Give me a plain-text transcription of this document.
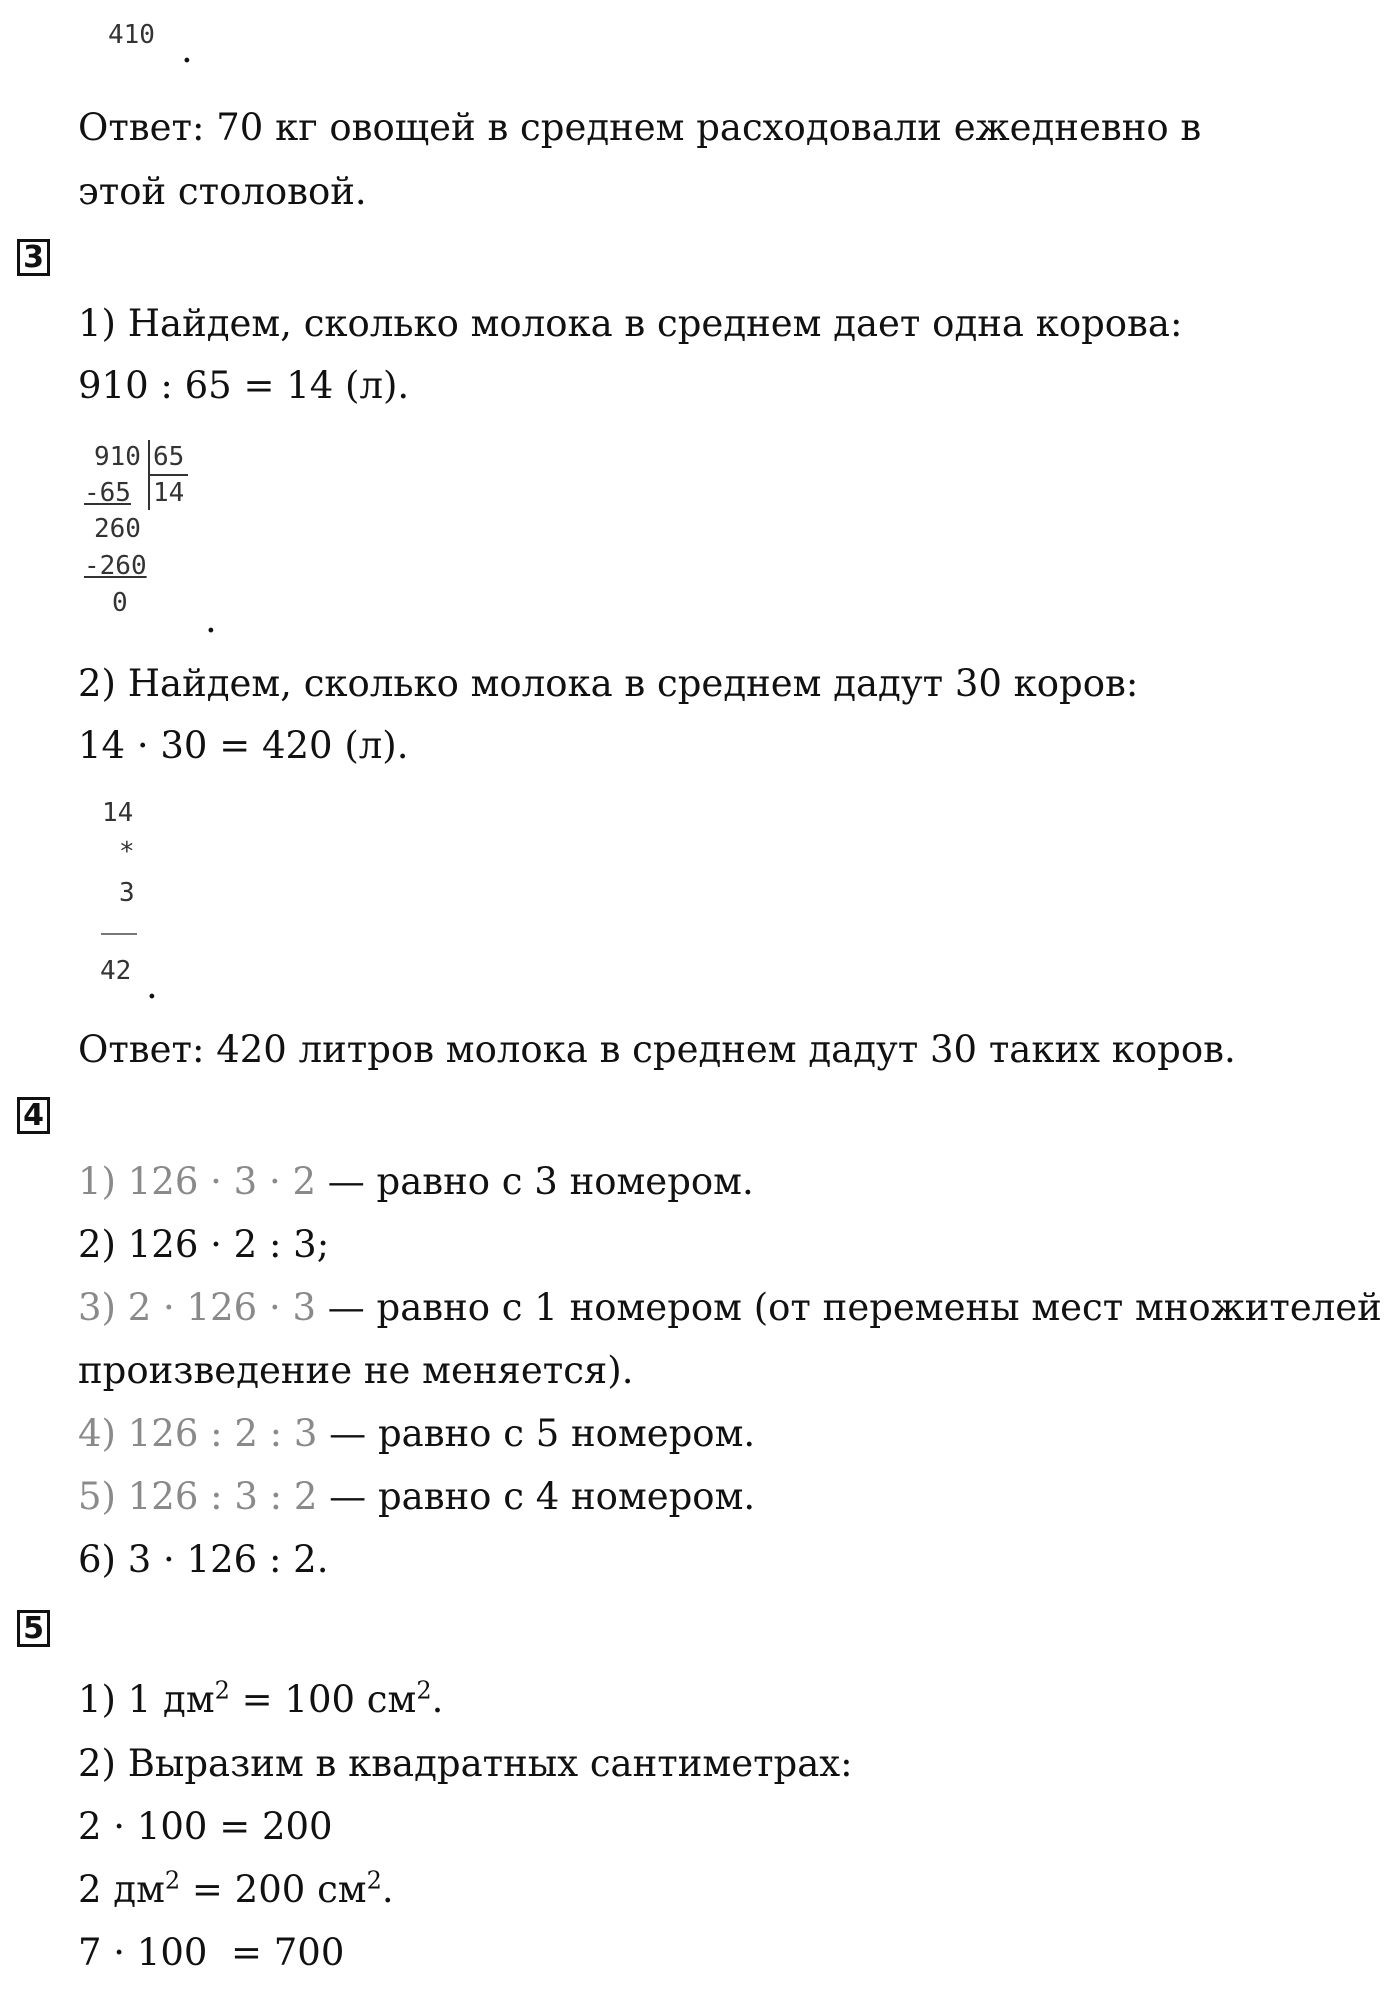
410 .
Ответ: 70 кг овощей в среднем расходовали ежедневно в
этой столовой.
3
1) Найдем, сколько молока в среднем дает одна корова:
910 : 65 = 14 (л).
910 65
-65 14
260
-260
0 .
2) Найдем, сколько молока в среднем дадут 30 коров:
14 · 30 = 420 (л).
14
*
3
42 .
Ответ: 420 литров молока в среднем дадут 30 таких коров.
4
1) 126 · 3 · 2 — равно с 3 номером.
2) 126 · 2 : 3;
3) 2 · 126 · 3 — равно с 1 номером (от перемены мест множителей
произведение не меняется).
4) 126 : 2 : 3 — равно с 5 номером.
5) 126 : 3 : 2 — равно с 4 номером.
6) 3 · 126 : 2.
5
1) 1 $дм^2 = 100$ $см^2$.
2) Выразим в квадратных сантиметрах:
2 · 100 = 200
2 $дм^2 = 200$ $см^2$.
7 · 100  = 700
